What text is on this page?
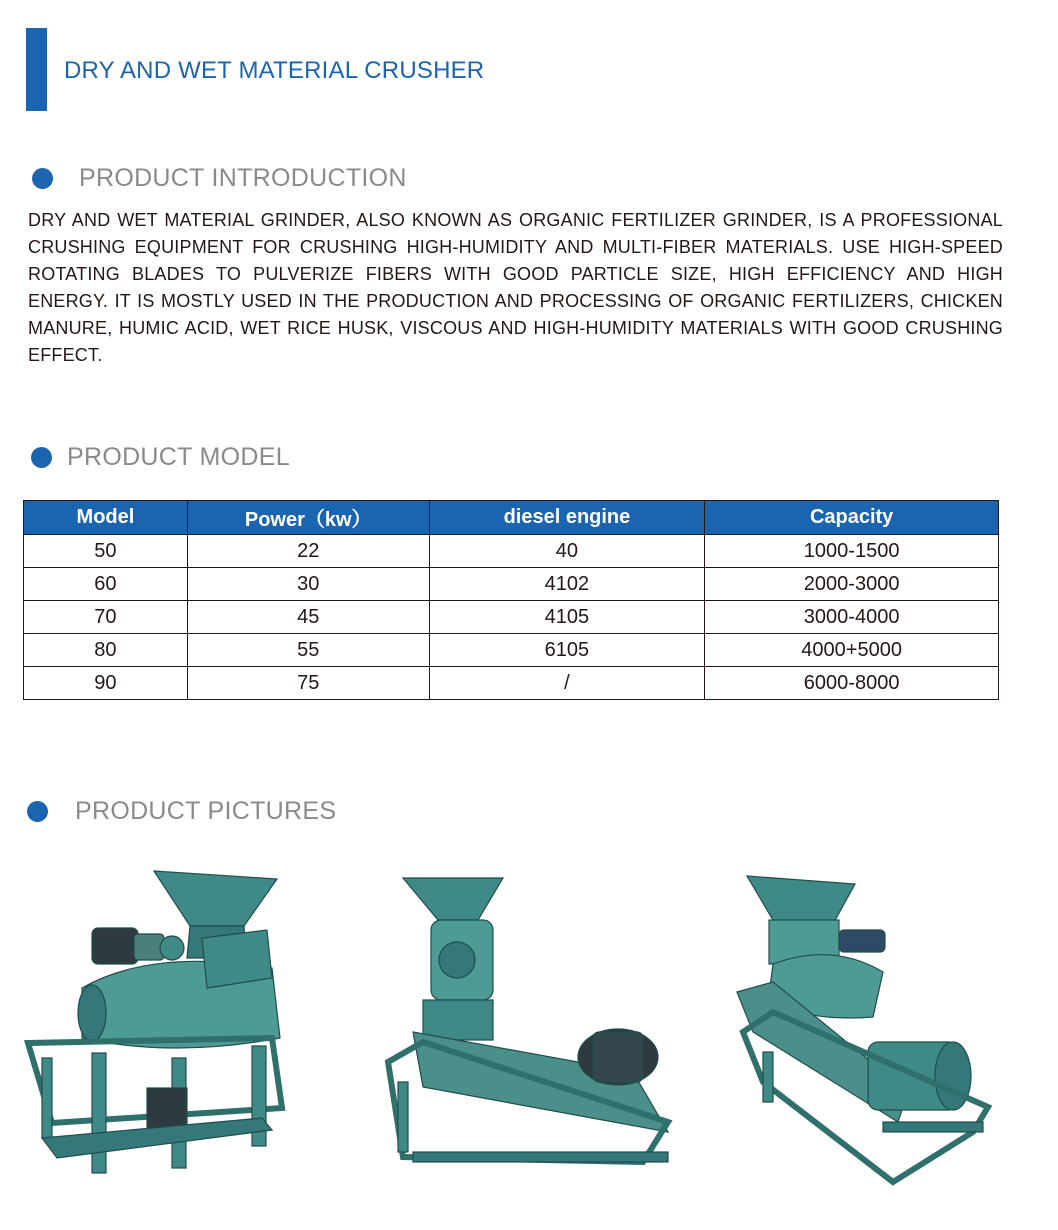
DRY AND WET MATERIAL CRUSHER
PRODUCT INTRODUCTION
DRY AND WET MATERIAL GRINDER, ALSO KNOWN AS ORGANIC FERTILIZER GRINDER, IS A PROFESSIONAL CRUSHING EQUIPMENT FOR CRUSHING HIGH-HUMIDITY AND MULTI-FIBER MATERIALS. USE HIGH-SPEED ROTATING BLADES TO PULVERIZE FIBERS WITH GOOD PARTICLE SIZE, HIGH EFFICIENCY AND HIGH ENERGY. IT IS MOSTLY USED IN THE PRODUCTION AND PROCESSING OF ORGANIC FERTILIZERS, CHICKEN MANURE, HUMIC ACID, WET RICE HUSK, VISCOUS AND HIGH-HUMIDITY MATERIALS WITH GOOD CRUSHING EFFECT.
PRODUCT MODEL
Model	Power（kw）	diesel engine	Capacity
50	22	40	1000-1500
60	30	4102	2000-3000
70	45	4105	3000-4000
80	55	6105	4000+5000
90	75	/	6000-8000
PRODUCT PICTURES
